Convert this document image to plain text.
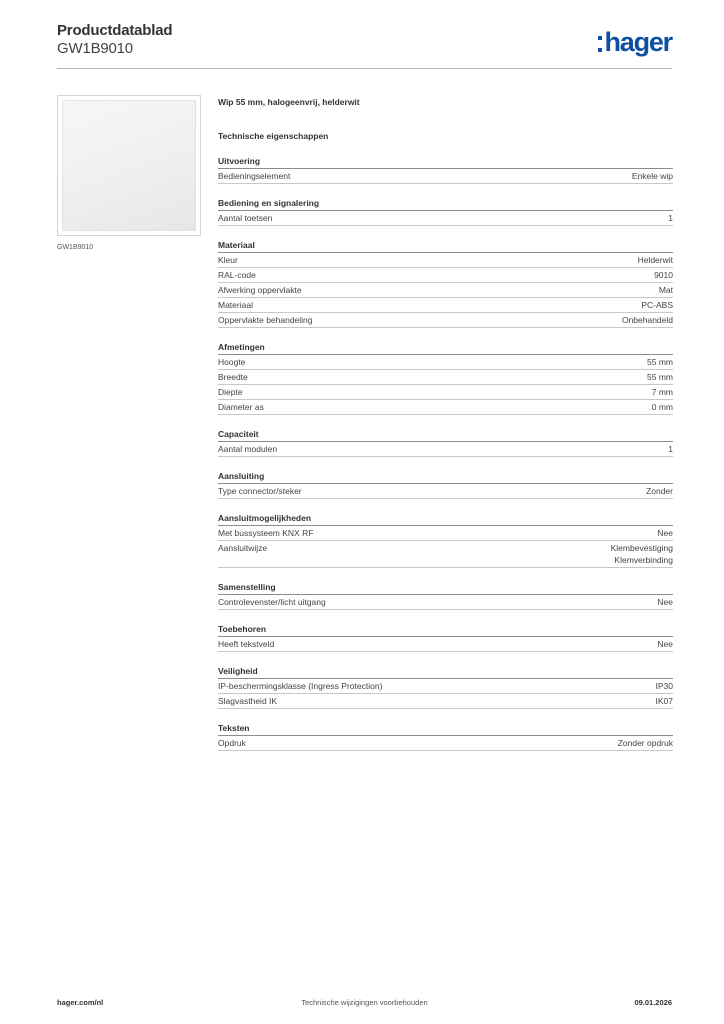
Productdatablad
GW1B9010	hager
GW1B9010
Wip 55 mm, halogeenvrij, helderwit
Technische eigenschappen
Uitvoering
Bedieningselement	Enkele wip
Bediening en signalering
Aantal toetsen	1
Materiaal
Kleur	Helderwit
RAL-code	9010
Afwerking oppervlakte	Mat
Materiaal	PC-ABS
Oppervlakte behandeling	Onbehandeld
Afmetingen
Hoogte	55 mm
Breedte	55 mm
Diepte	7 mm
Diameter as	0 mm
Capaciteit
Aantal modulen	1
Aansluiting
Type connector/steker	Zonder
Aansluitmogelijkheden
Met bussysteem KNX RF	Nee
Aansluitwijze	Klembevestiging
Klemverbinding
Samenstelling
Controlevenster/licht uitgang	Nee
Toebehoren
Heeft tekstveld	Nee
Veiligheid
IP-beschermingsklasse (Ingress Protection)	IP30
Slagvastheid IK	IK07
Teksten
Opdruk	Zonder opdruk
Technische wijzigingen voorbehouden
hager.com/nl	09.01.2026
